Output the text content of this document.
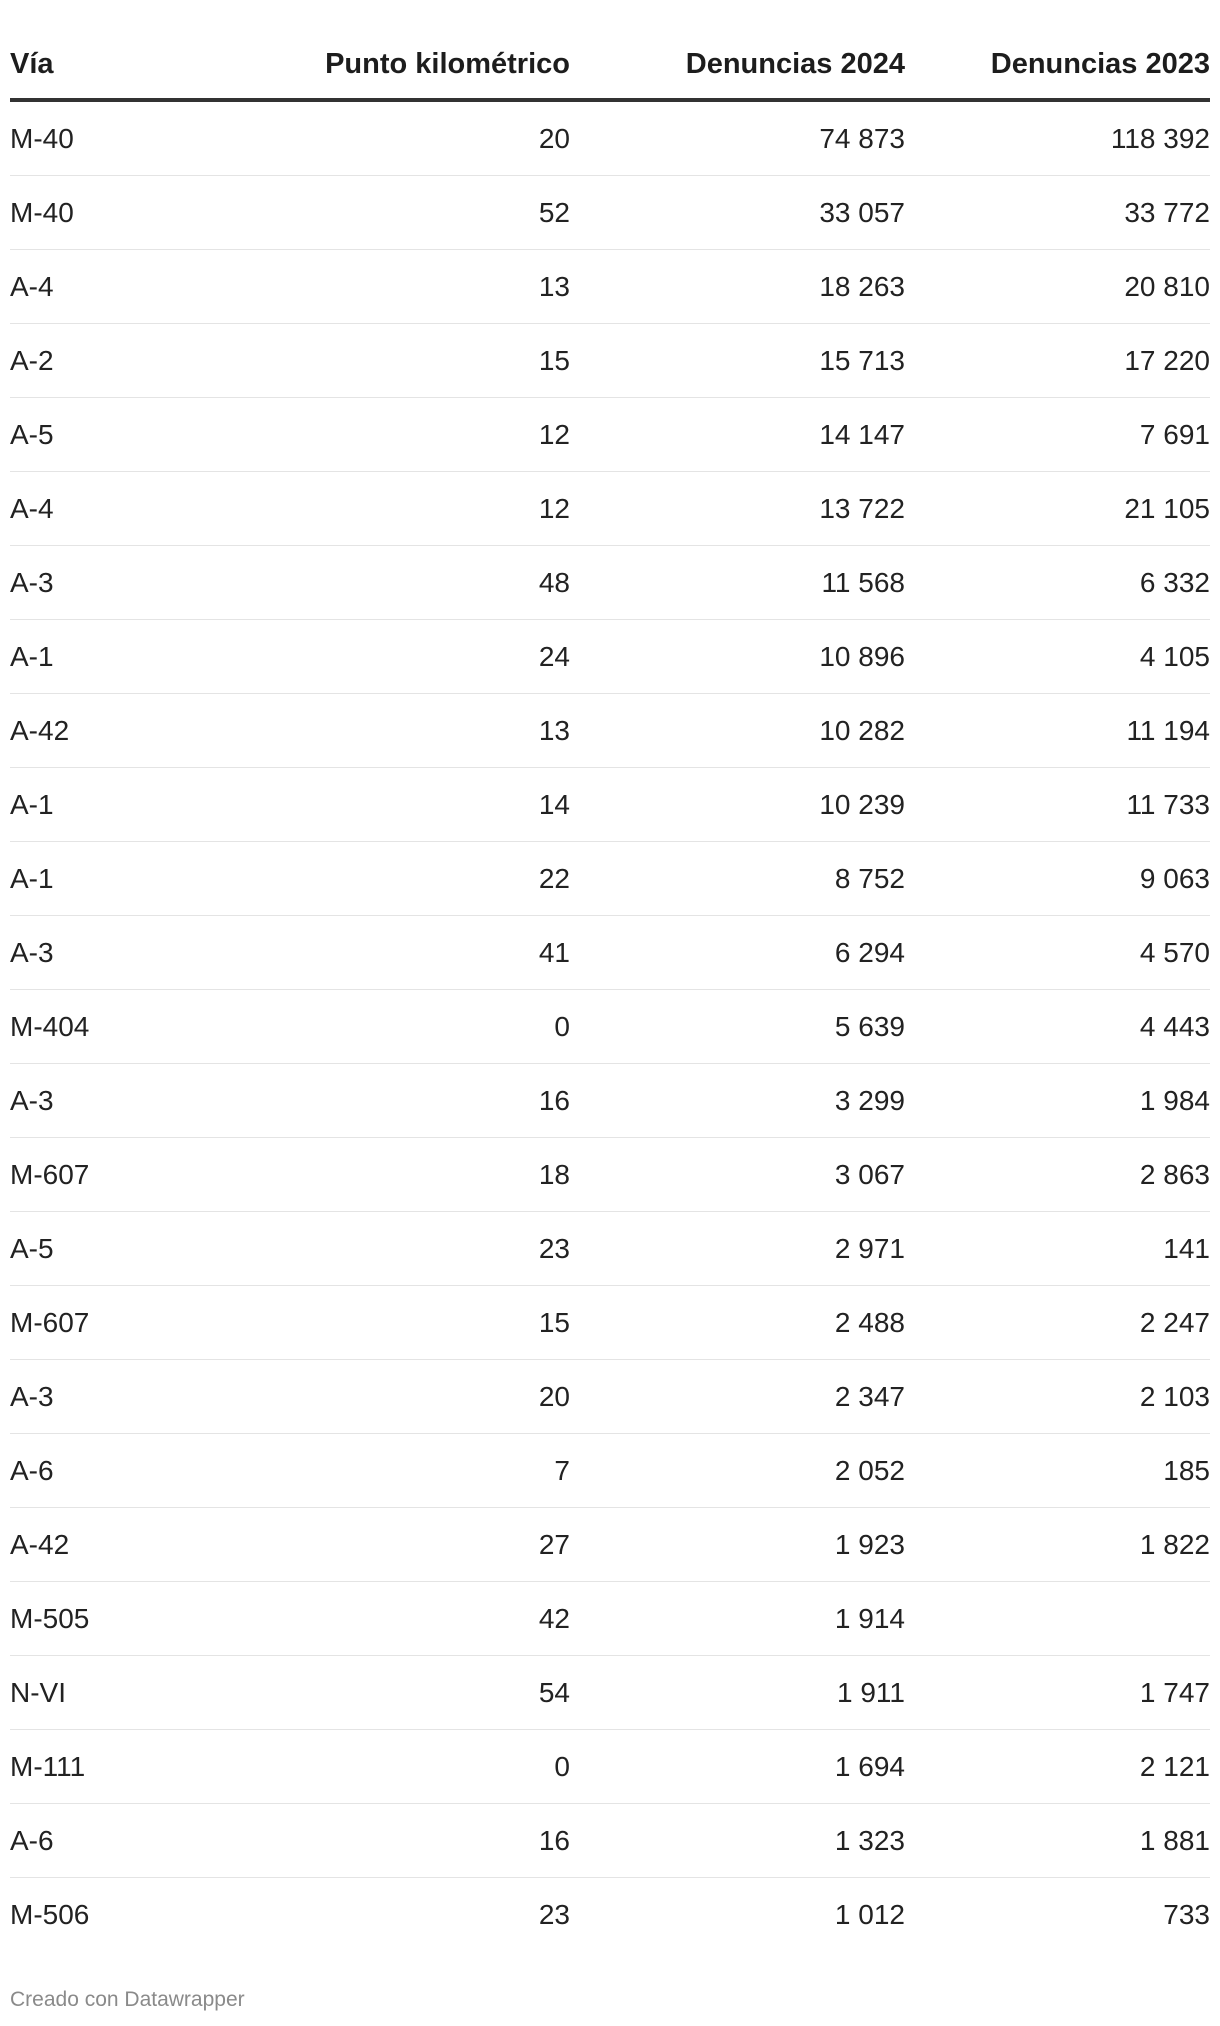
Vía	Punto kilométrico	Denuncias 2024	Denuncias 2023
M-40	20	74 873	118 392
M-40	52	33 057	33 772
A-4	13	18 263	20 810
A-2	15	15 713	17 220
A-5	12	14 147	7 691
A-4	12	13 722	21 105
A-3	48	11 568	6 332
A-1	24	10 896	4 105
A-42	13	10 282	11 194
A-1	14	10 239	11 733
A-1	22	8 752	9 063
A-3	41	6 294	4 570
M-404	0	5 639	4 443
A-3	16	3 299	1 984
M-607	18	3 067	2 863
A-5	23	2 971	141
M-607	15	2 488	2 247
A-3	20	2 347	2 103
A-6	7	2 052	185
A-42	27	1 923	1 822
M-505	42	1 914	
N-VI	54	1 911	1 747
M-111	0	1 694	2 121
A-6	16	1 323	1 881
M-506	23	1 012	733
Creado con Datawrapper
